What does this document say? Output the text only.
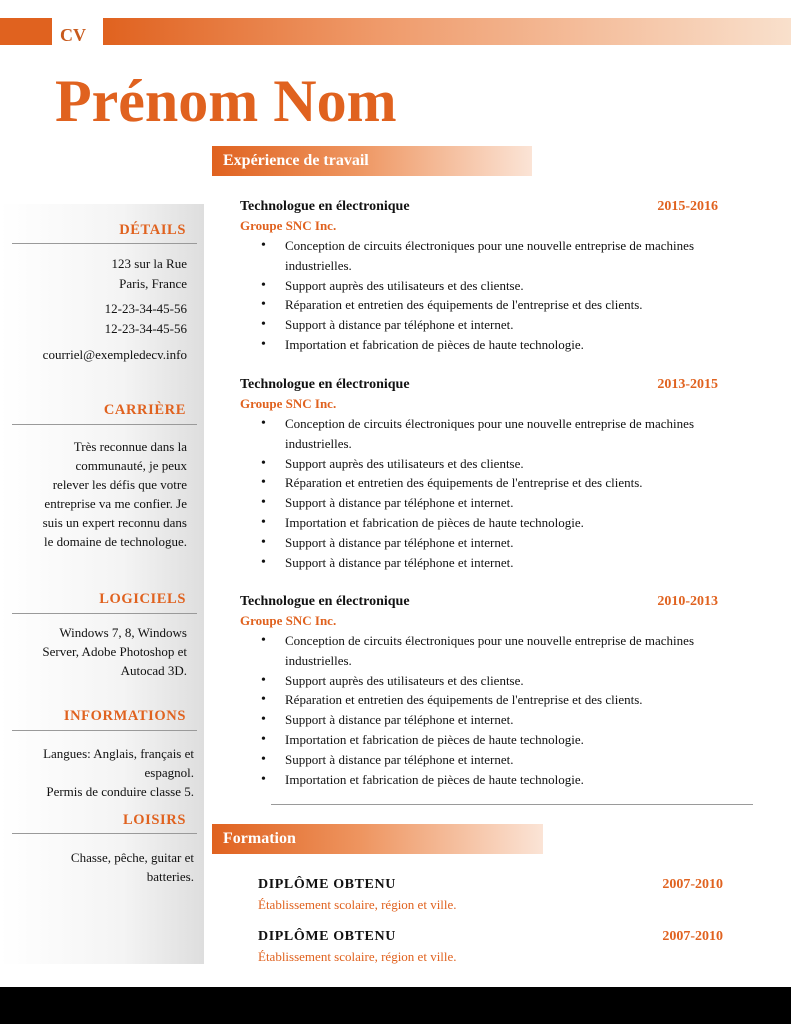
CV
Prénom Nom
DÉTAILS
123 sur la Rue
Paris, France
12-23-34-45-56
12-23-34-45-56
courriel@exempledecv.info
CARRIÈRE
Très reconnue dans la
communauté, je peux
relever les défis que votre
entreprise va me confier. Je
suis un expert reconnu dans
le domaine de technologue.
LOGICIELS
Windows 7, 8, Windows
Server, Adobe Photoshop et
Autocad 3D.
INFORMATIONS
Langues: Anglais, français et
espagnol.
Permis de conduire classe 5.
LOISIRS
Chasse, pêche, guitar et
batteries.
Expérience de travail
Technologue en électronique	2015-2016
Groupe SNC Inc.
• Conception de circuits électroniques pour une nouvelle entreprise de machines
industrielles.
• Support auprès des utilisateurs et des clientse.
• Réparation et entretien des équipements de l'entreprise et des clients.
• Support à distance par téléphone et internet.
• Importation et fabrication de pièces de haute technologie.
Technologue en électronique	2013-2015
Groupe SNC Inc.
• Conception de circuits électroniques pour une nouvelle entreprise de machines
industrielles.
• Support auprès des utilisateurs et des clientse.
• Réparation et entretien des équipements de l'entreprise et des clients.
• Support à distance par téléphone et internet.
• Importation et fabrication de pièces de haute technologie.
• Support à distance par téléphone et internet.
• Support à distance par téléphone et internet.
Technologue en électronique	2010-2013
Groupe SNC Inc.
• Conception de circuits électroniques pour une nouvelle entreprise de machines
industrielles.
• Support auprès des utilisateurs et des clientse.
• Réparation et entretien des équipements de l'entreprise et des clients.
• Support à distance par téléphone et internet.
• Importation et fabrication de pièces de haute technologie.
• Support à distance par téléphone et internet.
• Importation et fabrication de pièces de haute technologie.
Formation
DIPLÔME OBTENU	2007-2010
Établissement scolaire, région et ville.
DIPLÔME OBTENU	2007-2010
Établissement scolaire, région et ville.
